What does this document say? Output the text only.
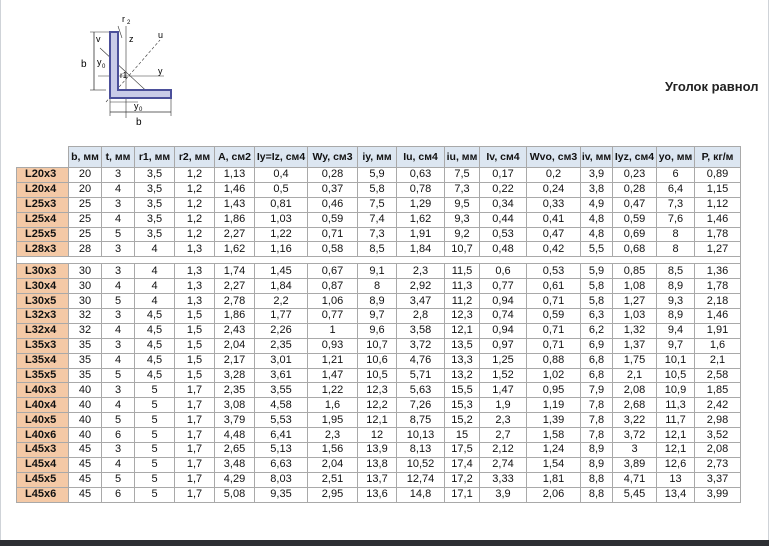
r 2
v	z	u
b y 0
r1	y
y 0
b
Уголок равнол
	b, мм	t, мм	r1, мм	r2, мм	A, см2	Iy=Iz, см4	Wy, см3	iy, мм	Iu, см4	iu, мм	Iv, см4	Wvo, см3	iv, мм	Iyz, см4	yo, мм	P, кг/м
L20x3	20	3	3,5	1,2	1,13	0,4	0,28	5,9	0,63	7,5	0,17	0,2	3,9	0,23	6	0,89
L20x4	20	4	3,5	1,2	1,46	0,5	0,37	5,8	0,78	7,3	0,22	0,24	3,8	0,28	6,4	1,15
L25x3	25	3	3,5	1,2	1,43	0,81	0,46	7,5	1,29	9,5	0,34	0,33	4,9	0,47	7,3	1,12
L25x4	25	4	3,5	1,2	1,86	1,03	0,59	7,4	1,62	9,3	0,44	0,41	4,8	0,59	7,6	1,46
L25x5	25	5	3,5	1,2	2,27	1,22	0,71	7,3	1,91	9,2	0,53	0,47	4,8	0,69	8	1,78
L28x3	28	3	4	1,3	1,62	1,16	0,58	8,5	1,84	10,7	0,48	0,42	5,5	0,68	8	1,27

L30x3	30	3	4	1,3	1,74	1,45	0,67	9,1	2,3	11,5	0,6	0,53	5,9	0,85	8,5	1,36
L30x4	30	4	4	1,3	2,27	1,84	0,87	8	2,92	11,3	0,77	0,61	5,8	1,08	8,9	1,78
L30x5	30	5	4	1,3	2,78	2,2	1,06	8,9	3,47	11,2	0,94	0,71	5,8	1,27	9,3	2,18
L32x3	32	3	4,5	1,5	1,86	1,77	0,77	9,7	2,8	12,3	0,74	0,59	6,3	1,03	8,9	1,46
L32x4	32	4	4,5	1,5	2,43	2,26	1	9,6	3,58	12,1	0,94	0,71	6,2	1,32	9,4	1,91
L35x3	35	3	4,5	1,5	2,04	2,35	0,93	10,7	3,72	13,5	0,97	0,71	6,9	1,37	9,7	1,6
L35x4	35	4	4,5	1,5	2,17	3,01	1,21	10,6	4,76	13,3	1,25	0,88	6,8	1,75	10,1	2,1
L35x5	35	5	4,5	1,5	3,28	3,61	1,47	10,5	5,71	13,2	1,52	1,02	6,8	2,1	10,5	2,58
L40x3	40	3	5	1,7	2,35	3,55	1,22	12,3	5,63	15,5	1,47	0,95	7,9	2,08	10,9	1,85
L40x4	40	4	5	1,7	3,08	4,58	1,6	12,2	7,26	15,3	1,9	1,19	7,8	2,68	11,3	2,42
L40x5	40	5	5	1,7	3,79	5,53	1,95	12,1	8,75	15,2	2,3	1,39	7,8	3,22	11,7	2,98
L40x6	40	6	5	1,7	4,48	6,41	2,3	12	10,13	15	2,7	1,58	7,8	3,72	12,1	3,52
L45x3	45	3	5	1,7	2,65	5,13	1,56	13,9	8,13	17,5	2,12	1,24	8,9	3	12,1	2,08
L45x4	45	4	5	1,7	3,48	6,63	2,04	13,8	10,52	17,4	2,74	1,54	8,9	3,89	12,6	2,73
L45x5	45	5	5	1,7	4,29	8,03	2,51	13,7	12,74	17,2	3,33	1,81	8,8	4,71	13	3,37
L45x6	45	6	5	1,7	5,08	9,35	2,95	13,6	14,8	17,1	3,9	2,06	8,8	5,45	13,4	3,99
